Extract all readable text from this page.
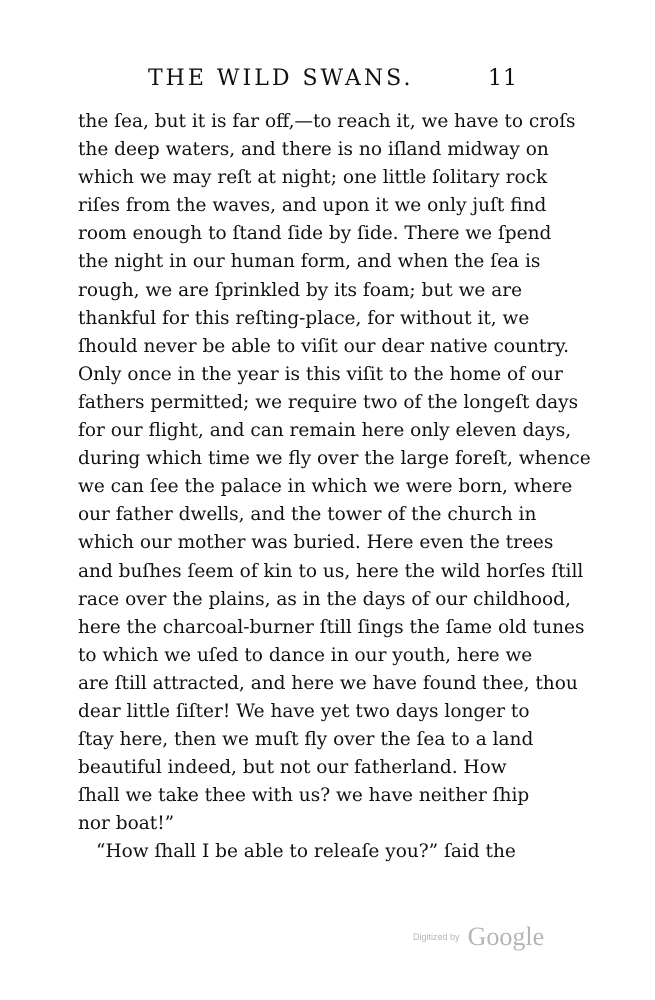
THE WILD SWANS.	11
the ſea, but it is far off,—to reach it, we have to croſs
the deep waters, and there is no iſland midway on
which we may reſt at night; one little ſolitary rock
riſes from the waves, and upon it we only juſt find
room enough to ſtand ſide by ſide. There we ſpend
the night in our human form, and when the ſea is
rough, we are ſprinkled by its foam; but we are
thankful for this reſting-place, for without it, we
ſhould never be able to viſit our dear native country.
Only once in the year is this viſit to the home of our
fathers permitted; we require two of the longeſt days
for our flight, and can remain here only eleven days,
during which time we fly over the large foreſt, whence
we can ſee the palace in which we were born, where
our father dwells, and the tower of the church in
which our mother was buried. Here even the trees
and buſhes ſeem of kin to us, here the wild horſes ſtill
race over the plains, as in the days of our childhood,
here the charcoal-burner ſtill ſings the ſame old tunes
to which we uſed to dance in our youth, here we
are ſtill attracted, and here we have found thee, thou
dear little ſiſter! We have yet two days longer to
ſtay here, then we muſt fly over the ſea to a land
beautiful indeed, but not our fatherland. How
ſhall we take thee with us? we have neither ſhip
nor boat!”
“How ſhall I be able to releaſe you?” ſaid the
Digitized by Google
